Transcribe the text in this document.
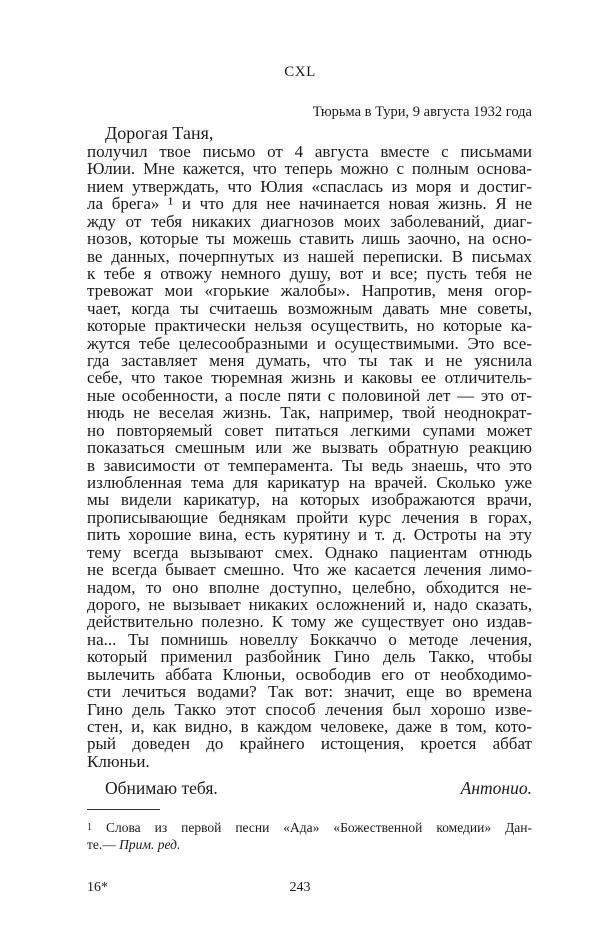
CXL
Тюрьма в Тури, 9 августа 1932 года
Дорогая Таня,
получил твое письмо от 4 августа вместе с письмами
Юлии. Мне кажется, что теперь можно с полным основа-
нием утверждать, что Юлия «спаслась из моря и достиг-
ла брега» ¹ и что для нее начинается новая жизнь. Я не
жду от тебя никаких диагнозов моих заболеваний, диаг-
нозов, которые ты можешь ставить лишь заочно, на осно-
ве данных, почерпнутых из нашей переписки. В письмах
к тебе я отвожу немного душу, вот и все; пусть тебя не
тревожат мои «горькие жалобы». Напротив, меня огор-
чает, когда ты считаешь возможным давать мне советы,
которые практически нельзя осуществить, но которые ка-
жутся тебе целесообразными и осуществимыми. Это все-
гда заставляет меня думать, что ты так и не уяснила
себе, что такое тюремная жизнь и каковы ее отличитель-
ные особенности, а после пяти с половиной лет — это от-
нюдь не веселая жизнь. Так, например, твой неоднократ-
но повторяемый совет питаться легкими супами может
показаться смешным или же вызвать обратную реакцию
в зависимости от темперамента. Ты ведь знаешь, что это
излюбленная тема для карикатур на врачей. Сколько уже
мы видели карикатур, на которых изображаются врачи,
прописывающие беднякам пройти курс лечения в горах,
пить хорошие вина, есть курятину и т. д. Остроты на эту
тему всегда вызывают смех. Однако пациентам отнюдь
не всегда бывает смешно. Что же касается лечения лимо-
надом, то оно вполне доступно, целебно, обходится не-
дорого, не вызывает никаких осложнений и, надо сказать,
действительно полезно. К тому же существует оно издав-
на... Ты помнишь новеллу Боккаччо о методе лечения,
который применил разбойник Гино дель Такко, чтобы
вылечить аббата Клюньи, освободив его от необходимо-
сти лечиться водами? Так вот: значит, еще во времена
Гино дель Такко этот способ лечения был хорошо изве-
стен, и, как видно, в каждом человеке, даже в том, кото-
рый доведен до крайнего истощения, кроется аббат
Клюньи.
Обнимаю тебя.	Антонио.
$^1$ Слова из первой песни «Ада» «Божественной комедии» Дан-
те.— Прим. ред.
16*	243
